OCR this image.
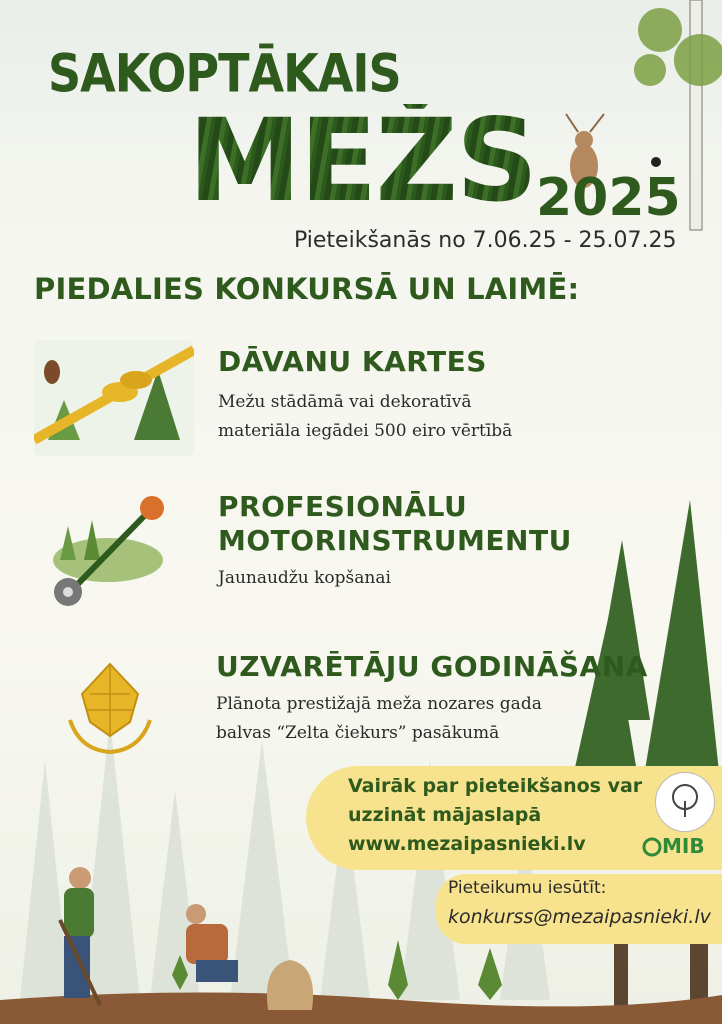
SAKOPTĀKAIS
MEŽS 2025
Pieteikšanās no 7.06.25 - 25.07.25
PIEDALIES KONKURSĀ UN LAIMĒ:
DĀVANU KARTES
Mežu stādāmā vai dekoratīvā
materiāla iegādei 500 eiro vērtībā
PROFESIONĀLU
MOTORINSTRUMENTU
Jaunaudžu kopšanai
UZVARĒTĀJU GODINĀŠANA
Plānota prestižajā meža nozares gada
balvas “Zelta čiekurs” pasākumā
Vairāk par pieteikšanos var
uzzināt mājaslapā
www.mezaipasnieki.lv	MIB
Pieteikumu iesūtīt:
konkurss@mezaipasnieki.lv
